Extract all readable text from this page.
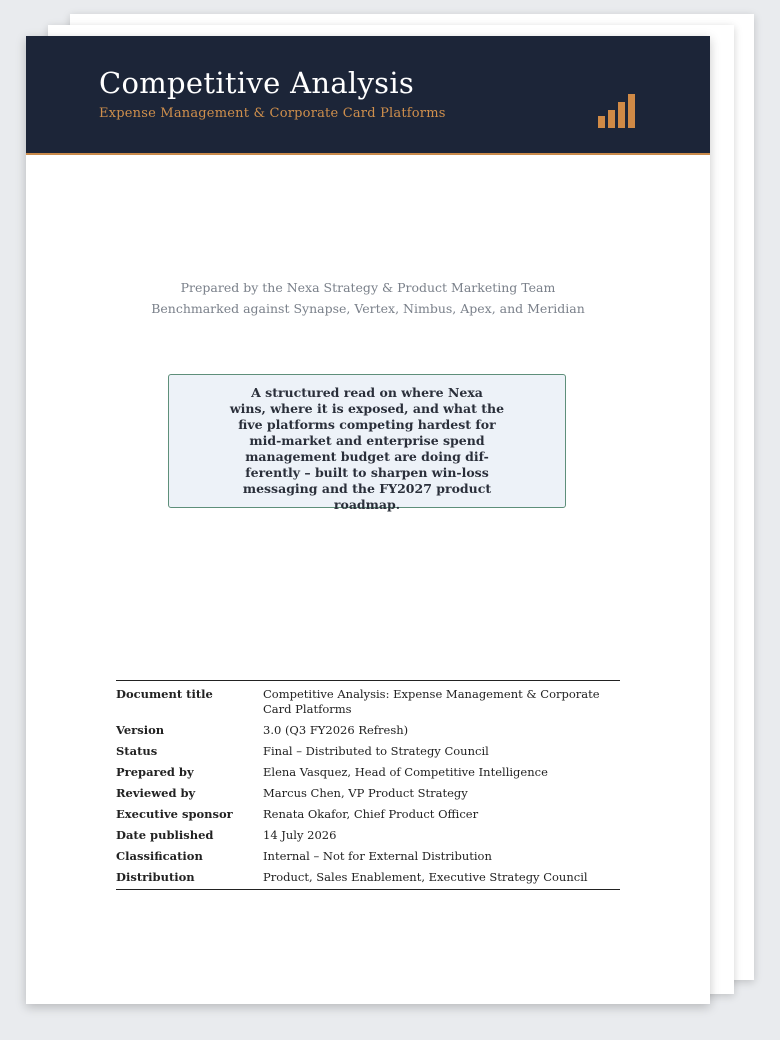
Competitive Analysis
Expense Management & Corporate Card Platforms
Prepared by the Nexa Strategy & Product Marketing Team
Benchmarked against Synapse, Vertex, Nimbus, Apex, and Meridian
A structured read on where Nexa
wins, where it is exposed, and what the
five platforms competing hardest for
mid-market and enterprise spend
management budget are doing dif-
ferently – built to sharpen win-loss
messaging and the FY2027 product roadmap.
Document title	Competitive Analysis: Expense Management & Corporate Card Platforms
Version	3.0 (Q3 FY2026 Refresh)
Status	Final – Distributed to Strategy Council
Prepared by	Elena Vasquez, Head of Competitive Intelligence
Reviewed by	Marcus Chen, VP Product Strategy
Executive sponsor	Renata Okafor, Chief Product Officer
Date published	14 July 2026
Classification	Internal – Not for External Distribution
Distribution	Product, Sales Enablement, Executive Strategy Council
